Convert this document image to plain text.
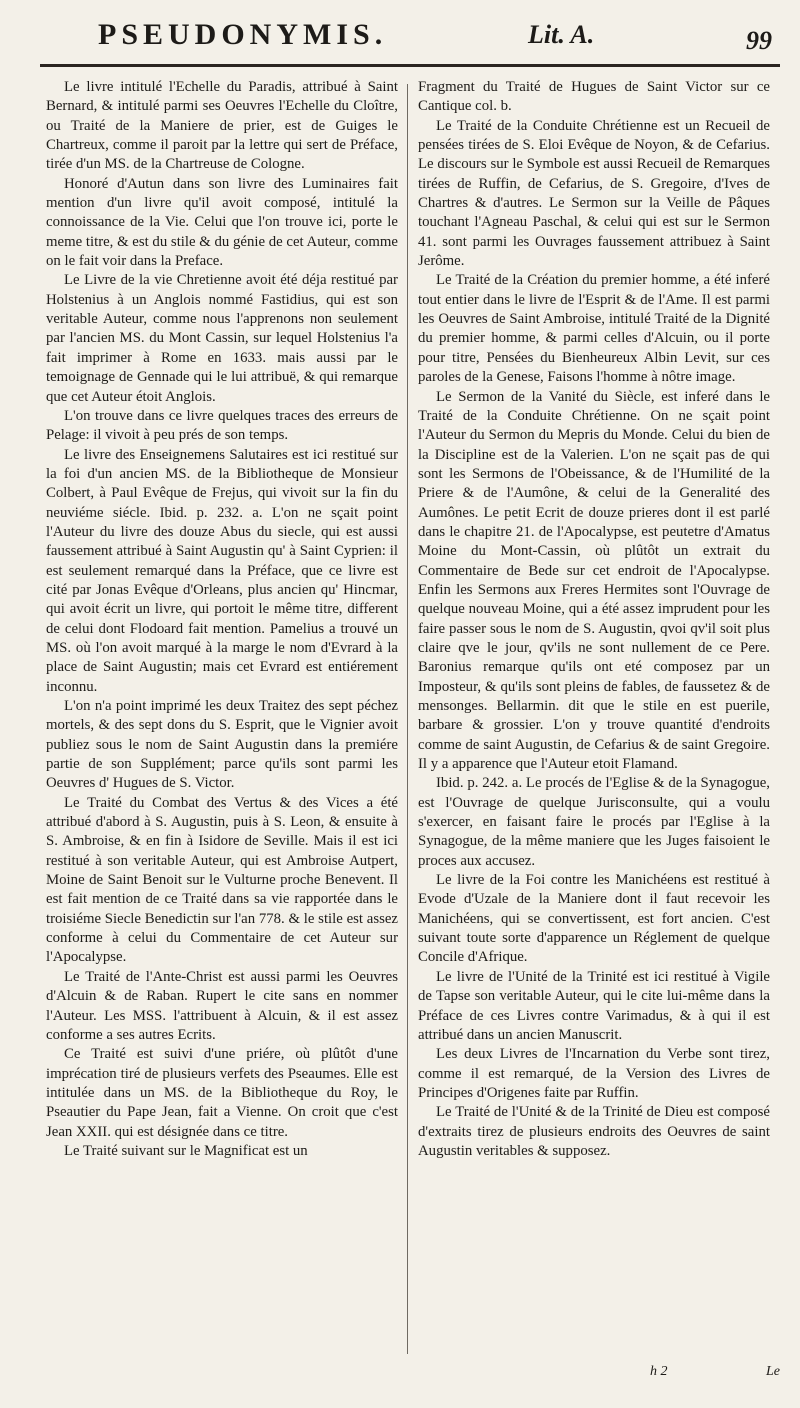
PSEUDONYMIS.	Lit. A.	99

Le livre intitulé l'Echelle du Paradis, attribué à Saint Bernard, & intitulé parmi ses Oeuvres l'Echelle du Cloître, ou Traité de la Maniere de prier, est de Guiges le Chartreux, comme il paroit par la lettre qui sert de Préface, tirée d'un MS. de la Chartreuse de Cologne.

Honoré d'Autun dans son livre des Luminaires fait mention d'un livre qu'il avoit composé, intitulé la connoissance de la Vie. Celui que l'on trouve ici, porte le meme titre, & est du stile & du génie de cet Auteur, comme on le fait voir dans la Preface.

Le Livre de la vie Chretienne avoit été déja restitué par Holstenius à un Anglois nommé Fastidius, qui est son veritable Auteur, comme nous l'apprenons non seulement par l'ancien MS. du Mont Cassin, sur lequel Holstenius l'a fait imprimer à Rome en 1633. mais aussi par le temoignage de Gennade qui le lui attribuë, & qui remarque que cet Auteur étoit Anglois.

L'on trouve dans ce livre quelques traces des erreurs de Pelage: il vivoit à peu prés de son temps.

Le livre des Enseignemens Salutaires est ici restitué sur la foi d'un ancien MS. de la Bibliotheque de Monsieur Colbert, à Paul Evêque de Frejus, qui vivoit sur la fin du neuviéme siécle. Ibid. p. 232. a. L'on ne sçait point l'Auteur du livre des douze Abus du siecle, qui est aussi faussement attribué à Saint Augustin qu' à Saint Cyprien: il est seulement remarqué dans la Préface, que ce livre est cité par Jonas Evêque d'Orleans, plus ancien qu' Hincmar, qui avoit écrit un livre, qui portoit le même titre, different de celui dont Flodoard fait mention. Pamelius a trouvé un MS. où l'on avoit marqué à la marge le nom d'Evrard à la place de Saint Augustin; mais cet Evrard est entiérement inconnu.

L'on n'a point imprimé les deux Traitez des sept péchez mortels, & des sept dons du S. Esprit, que le Vignier avoit publiez sous le nom de Saint Augustin dans la premiére partie de son Supplément; parce qu'ils sont parmi les Oeuvres d' Hugues de S. Victor.

Le Traité du Combat des Vertus & des Vices a été attribué d'abord à S. Augustin, puis à S. Leon, & ensuite à S. Ambroise, & en fin à Isidore de Seville. Mais il est ici restitué à son veritable Auteur, qui est Ambroise Autpert, Moine de Saint Benoit sur le Vulturne proche Benevent. Il est fait mention de ce Traité dans sa vie rapportée dans le troisiéme Siecle Benedictin sur l'an 778. & le stile est assez conforme à celui du Commentaire de cet Auteur sur l'Apocalypse.

Le Traité de l'Ante-Christ est aussi parmi les Oeuvres d'Alcuin & de Raban. Rupert le cite sans en nommer l'Auteur. Les MSS. l'attribuent à Alcuin, & il est assez conforme a ses autres Ecrits.

Ce Traité est suivi d'une priére, où plûtôt d'une imprécation tiré de plusieurs verfets des Pseaumes. Elle est intitulée dans un MS. de la Bibliotheque du Roy, le Pseautier du Pape Jean, fait a Vienne. On croit que c'est Jean XXII. qui est désignée dans ce titre.

Le Traité suivant sur le Magnificat est un

Fragment du Traité de Hugues de Saint Victor sur ce Cantique col. b.

Le Traité de la Conduite Chrétienne est un Recueil de pensées tirées de S. Eloi Evêque de Noyon, & de Cefarius. Le discours sur le Symbole est aussi Recueil de Remarques tirées de Ruffin, de Cefarius, de S. Gregoire, d'Ives de Chartres & d'autres. Le Sermon sur la Veille de Pâques touchant l'Agneau Paschal, & celui qui est sur le Sermon 41. sont parmi les Ouvrages faussement attribuez à Saint Jerôme.

Le Traité de la Création du premier homme, a été inferé tout entier dans le livre de l'Esprit & de l'Ame. Il est parmi les Oeuvres de Saint Ambroise, intitulé Traité de la Dignité du premier homme, & parmi celles d'Alcuin, ou il porte pour titre, Pensées du Bienheureux Albin Levit, sur ces paroles de la Genese, Faisons l'homme à nôtre image.

Le Sermon de la Vanité du Siècle, est inferé dans le Traité de la Conduite Chrétienne. On ne sçait point l'Auteur du Sermon du Mepris du Monde. Celui du bien de la Discipline est de la Valerien. L'on ne sçait pas de qui sont les Sermons de l'Obeissance, & de l'Humilité de la Priere & de l'Aumône, & celui de la Generalité des Aumônes. Le petit Ecrit de douze prieres dont il est parlé dans le chapitre 21. de l'Apocalypse, est peutetre d'Amatus Moine du Mont-Cassin, où plûtôt un extrait du Commentaire de Bede sur cet endroit de l'Apocalypse. Enfin les Sermons aux Freres Hermites sont l'Ouvrage de quelque nouveau Moine, qui a été assez imprudent pour les faire passer sous le nom de S. Augustin, qvoi qv'il soit plus claire qve le jour, qv'ils ne sont nullement de ce Pere. Baronius remarque qu'ils ont eté composez par un Imposteur, & qu'ils sont pleins de fables, de fausset​ez & de mensonges. Bellarmin. dit que le stile en est puerile, barbare & grossier. L'on y trouve quantité d'endroits comme de saint Augustin, de Cefarius & de saint Gregoire. Il y a apparence que l'Auteur etoit Flamand.

Ibid. p. 242. a. Le procés de l'Eglise & de la Synagogue, est l'Ouvrage de quelque Jurisconsulte, qui a voulu s'exercer, en faisant faire le procés par l'Eglise à la Synagogue, de la même maniere que les Juges faisoient le proces aux accusez.

Le livre de la Foi contre les Manichéens est restitué à Evode d'Uzale de la Maniere dont il faut recevoir les Manichéens, qui se convertissent, est fort ancien. C'est suivant toute sorte d'apparence un Réglement de quelque Concile d'Afrique.

Le livre de l'Unité de la Trinité est ici restitué à Vigile de Tapse son veritable Auteur, qui le cite lui-même dans la Préface de ces Livres contre Varimadus, & à qui il est attribué dans un ancien Manuscrit.

Les deux Livres de l'Incarnation du Verbe sont tirez, comme il est remarqué, de la Version des Livres de Principes d'Origenes faite par Ruffin.

Le Traité de l'Unité & de la Trinité de Dieu est composé d'extraits tirez de plusieurs endroits des Oeuvres de saint Augustin veritables & supposez.

h 2	Le
